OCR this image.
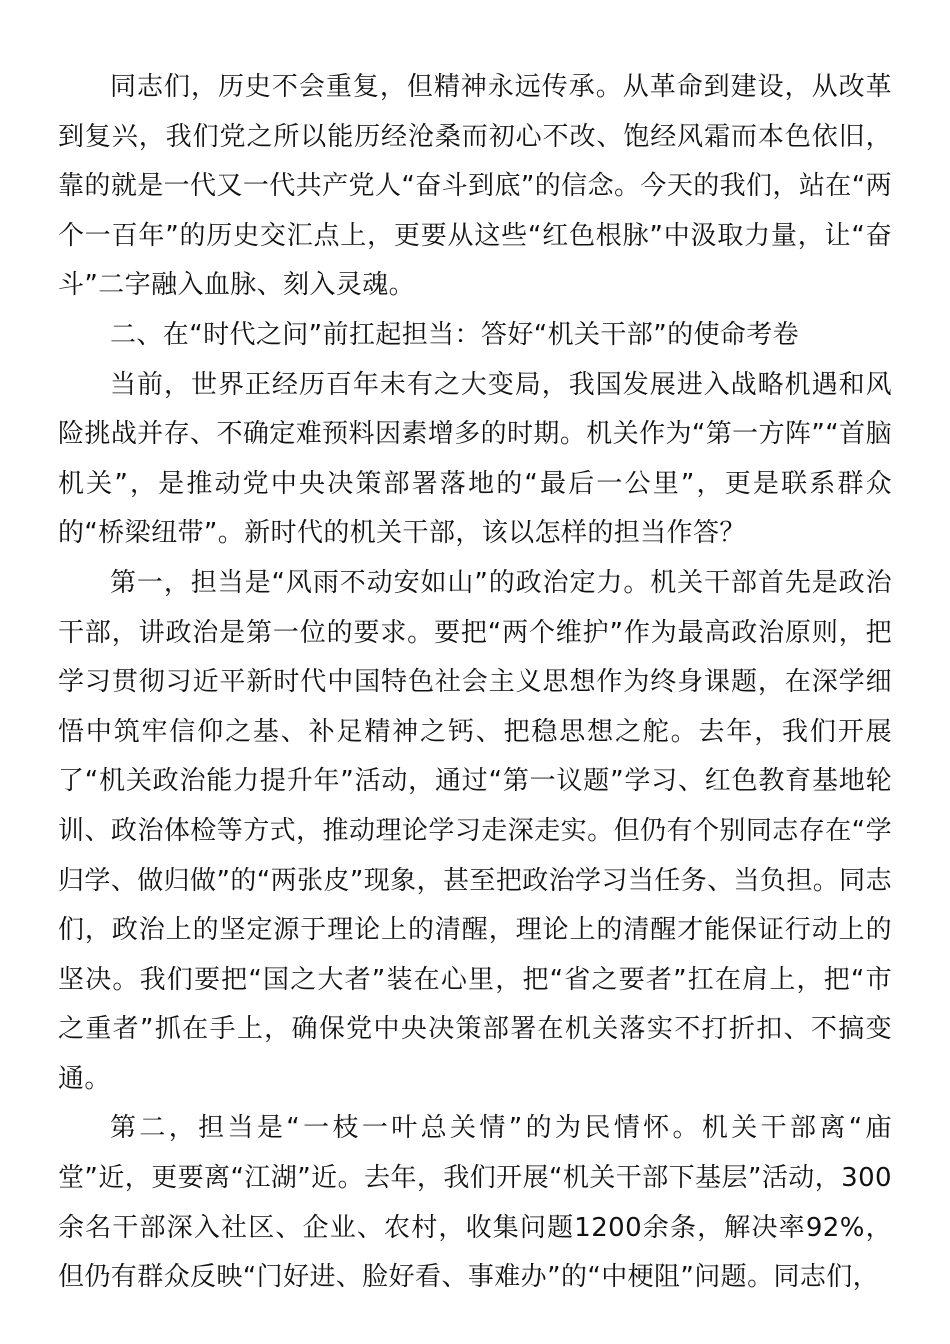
同志们，历史不会重复，但精神永远传承。从革命到建设，从改革到复兴，我们党之所以能历经沧桑而初心不改、饱经风霜而本色依旧，靠的就是一代又一代共产党人“奋斗到底”的信念。今天的我们，站在“两个一百年”的历史交汇点上，更要从这些“红色根脉”中汲取力量，让“奋斗”二字融入血脉、刻入灵魂。

二、在“时代之问”前扛起担当：答好“机关干部”的使命考卷

当前，世界正经历百年未有之大变局，我国发展进入战略机遇和风险挑战并存、不确定难预料因素增多的时期。机关作为“第一方阵”“首脑机关”，是推动党中央决策部署落地的“最后一公里”，更是联系群众的“桥梁纽带”。新时代的机关干部，该以怎样的担当作答？

第一，担当是“风雨不动安如山”的政治定力。机关干部首先是政治干部，讲政治是第一位的要求。要把“两个维护”作为最高政治原则，把学习贯彻习近平新时代中国特色社会主义思想作为终身课题，在深学细悟中筑牢信仰之基、补足精神之钙、把稳思想之舵。去年，我们开展了“机关政治能力提升年”活动，通过“第一议题”学习、红色教育基地轮训、政治体检等方式，推动理论学习走深走实。但仍有个别同志存在“学归学、做归做”的“两张皮”现象，甚至把政治学习当任务、当负担。同志们，政治上的坚定源于理论上的清醒，理论上的清醒才能保证行动上的坚决。我们要把“国之大者”装在心里，把“省之要者”扛在肩上，把“市之重者”抓在手上，确保党中央决策部署在机关落实不打折扣、不搞变通。

第二，担当是“一枝一叶总关情”的为民情怀。机关干部离“庙堂”近，更要离“江湖”近。去年，我们开展“机关干部下基层”活动，300余名干部深入社区、企业、农村，收集问题1200余条，解决率92%，但仍有群众反映“门好进、脸好看、事难办”的“中梗阻”问题。同志们，
